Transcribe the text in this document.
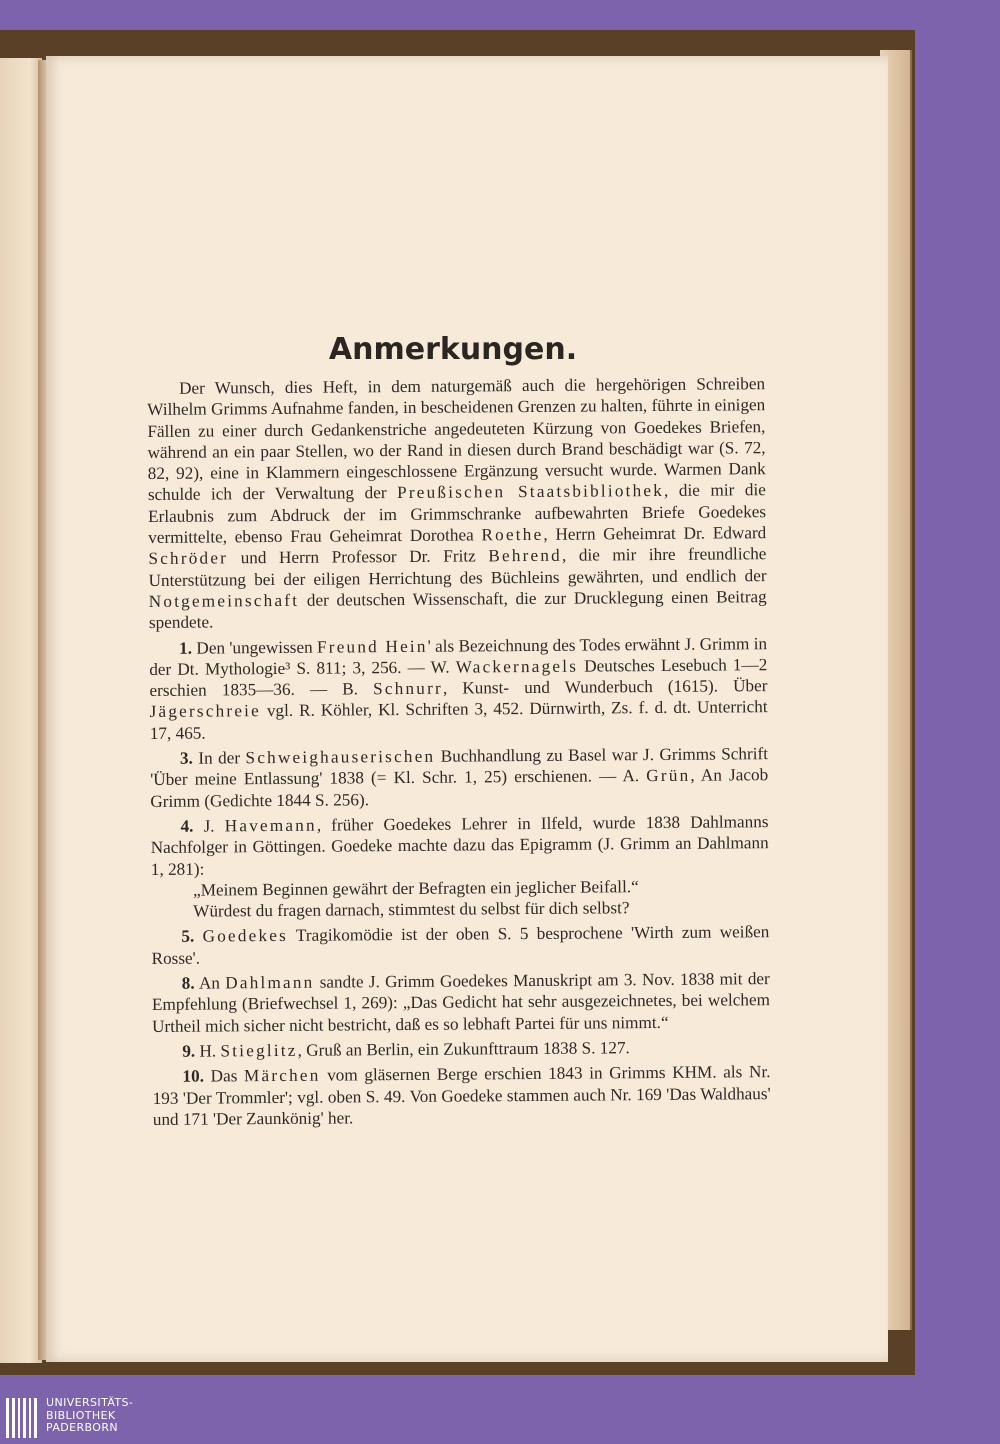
Anmerkungen.

Der Wunsch, dies Heft, in dem naturgemäß auch die hergehörigen Schreiben Wilhelm Grimms Aufnahme fanden, in bescheidenen Grenzen zu halten, führte in einigen Fällen zu einer durch Gedankenstriche angedeuteten Kürzung von Goedekes Briefen, während an ein paar Stellen, wo der Rand in diesen durch Brand beschädigt war (S. 72, 82, 92), eine in Klammern eingeschlossene Ergänzung versucht wurde. Warmen Dank schulde ich der Verwaltung der Preußischen Staatsbibliothek, die mir die Erlaubnis zum Abdruck der im Grimmschranke aufbewahrten Briefe Goedekes vermittelte, ebenso Frau Geheimrat Dorothea Roethe, Herrn Geheimrat Dr. Edward Schröder und Herrn Professor Dr. Fritz Behrend, die mir ihre freundliche Unterstützung bei der eiligen Herrichtung des Büchleins gewährten, und endlich der Notgemeinschaft der deutschen Wissenschaft, die zur Drucklegung einen Beitrag spendete.

1. Den 'ungewissen Freund Hein' als Bezeichnung des Todes erwähnt J. Grimm in der Dt. Mythologie³ S. 811; 3, 256. — W. Wackernagels Deutsches Lesebuch 1—2 erschien 1835—36. — B. Schnurr, Kunst- und Wunderbuch (1615). Über Jägerschreie vgl. R. Köhler, Kl. Schriften 3, 452. Dürnwirth, Zs. f. d. dt. Unterricht 17, 465.

3. In der Schweighauserischen Buchhandlung zu Basel war J. Grimms Schrift 'Über meine Entlassung' 1838 (= Kl. Schr. 1, 25) erschienen. — A. Grün, An Jacob Grimm (Gedichte 1844 S. 256).

4. J. Havemann, früher Goedekes Lehrer in Ilfeld, wurde 1838 Dahlmanns Nachfolger in Göttingen. Goedeke machte dazu das Epigramm (J. Grimm an Dahlmann 1, 281):

„Meinem Beginnen gewährt der Befragten ein jeglicher Beifall.“
Würdest du fragen darnach, stimmtest du selbst für dich selbst?

5. Goedekes Tragikomödie ist der oben S. 5 besprochene 'Wirth zum weißen Rosse'.

8. An Dahlmann sandte J. Grimm Goedekes Manuskript am 3. Nov. 1838 mit der Empfehlung (Briefwechsel 1, 269): „Das Gedicht hat sehr ausgezeichnetes, bei welchem Urtheil mich sicher nicht bestricht, daß es so lebhaft Partei für uns nimmt.“

9. H. Stieglitz, Gruß an Berlin, ein Zukunfttraum 1838 S. 127.

10. Das Märchen vom gläsernen Berge erschien 1843 in Grimms KHM. als Nr. 193 'Der Trommler'; vgl. oben S. 49. Von Goedeke stammen auch Nr. 169 'Das Waldhaus' und 171 'Der Zaunkönig' her.

UNIVERSITÄTS-
BIBLIOTHEK
PADERBORN
